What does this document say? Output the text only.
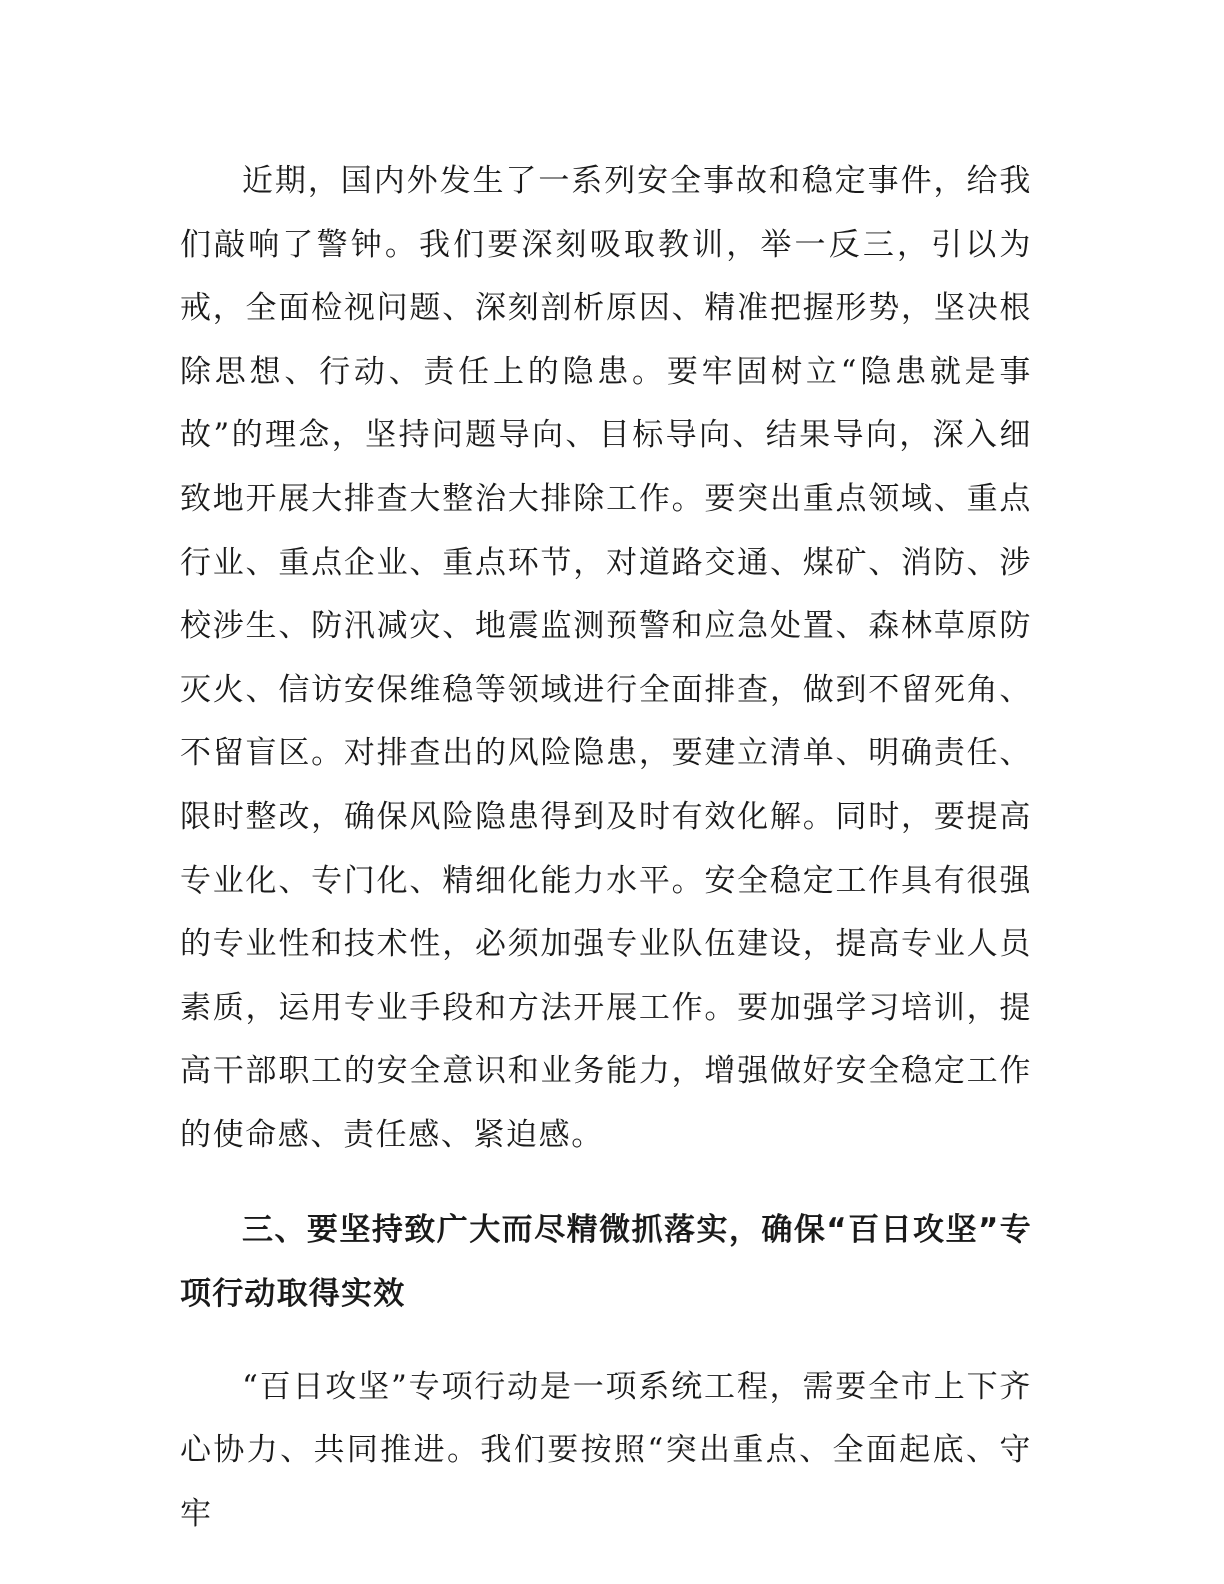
近期，国内外发生了一系列安全事故和稳定事件，给我们敲响了警钟。我们要深刻吸取教训，举一反三，引以为戒，全面检视问题、深刻剖析原因、精准把握形势，坚决根除思想、行动、责任上的隐患。要牢固树立“隐患就是事故”的理念，坚持问题导向、目标导向、结果导向，深入细致地开展大排查大整治大排除工作。要突出重点领域、重点行业、重点企业、重点环节，对道路交通、煤矿、消防、涉校涉生、防汛减灾、地震监测预警和应急处置、森林草原防灭火、信访安保维稳等领域进行全面排查，做到不留死角、不留盲区。对排查出的风险隐患，要建立清单、明确责任、限时整改，确保风险隐患得到及时有效化解。同时，要提高专业化、专门化、精细化能力水平。安全稳定工作具有很强的专业性和技术性，必须加强专业队伍建设，提高专业人员素质，运用专业手段和方法开展工作。要加强学习培训，提高干部职工的安全意识和业务能力，增强做好安全稳定工作的使命感、责任感、紧迫感。

三、要坚持致广大而尽精微抓落实，确保“百日攻坚”专项行动取得实效

“百日攻坚”专项行动是一项系统工程，需要全市上下齐心协力、共同推进。我们要按照“突出重点、全面起底、守牢
